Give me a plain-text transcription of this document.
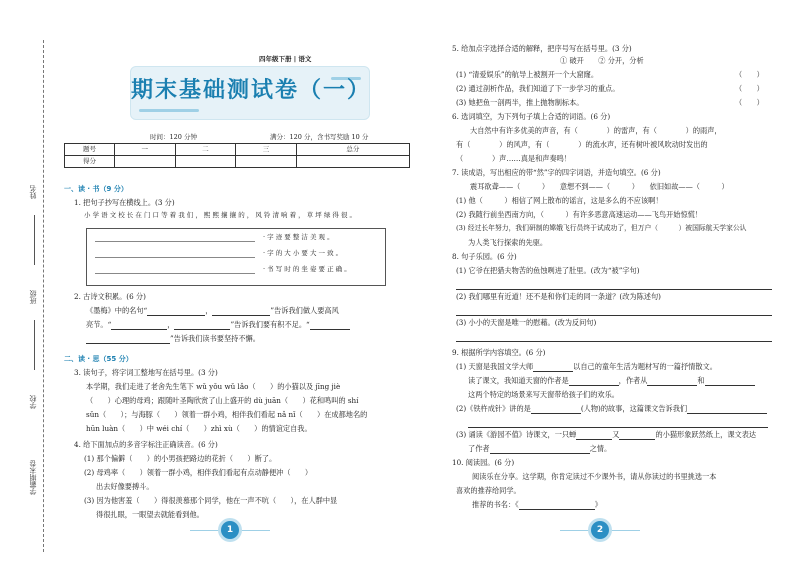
姓名
班级
学校
学霸期末卷
四年级下册 | 语文
期末基础测试卷（一）
时间：120 分钟	满分：120 分，含书写奖励 10 分
题号	一	二	三	总分
得分				
一、读 · 书（9 分）
1. 把句子抄写在横线上。(3 分)
小 学 语 文 校 长 在 门 口 等 着 我 们 ， 熙 熙 攘 攘 的 ， 风 铃 清 响 着 ， 草 坪 绿 得 很 。
· 字 迹 要 整 洁 美 观 。
· 字 的 大 小 要 大 一 致 。
· 书 写 时 的 坐 姿 要 正 确 。
2. 古诗文积累。(6 分)
《墨梅》中的名句“	，	”告诉我们做人要高风
亮节。“	，	”告诉我们要有积不足。“
”告诉我们读书要坚持不懈。
二、读 · 思（55 分）
3. 读句子，将字词工整地写在括号里。(3 分)
本学期，我们走进了老舍先生笔下 wǔ yǒu wǔ lǎo（　　）的小猫以及 jīng jiè
（　　）心理的母鸡；跟随叶圣陶欣赏了山上盛开的 dù juān（　　）花和鸣叫的 shí
sǔn（　　）；与海豚（　　）领着一群小鸡，相伴我们看起 nǎ nǐ（　　）在成都地名的
hūn luàn（　　）中 wéi chí（　　）zhì xù（　　）的情谊定自我。
4. 给下面加点的多音字标注正确读音。(6 分)
(1) 那个偏僻（　　）的小男孩把路边的花折（　　）断了。
(2) 母鸡率（　　）领着一群小鸡，相伴我们看起有点动静便冲（　　）
出去好像要搏斗。
(3) 因为他害羞（　　）得很羡慕那个同学，他在一声不吭（　　），在人群中显
得很扎眼，一眼望去就能看到他。
1
5. 给加点字选择合适的解释，把序号写在括号里。(3 分)
① 破开　　② 分开，分析
(1) “清爱娱乐”的航导上被割开一个大窟窿。	（　　）
(2) 通过剖析作品，我们知道了下一步学习的重点。	（　　）
(3) 她把鱼一剖两半，推上抛物制标本。	（　　）
6. 选词填空，为下列句子填上合适的词语。(6 分)
大自然中有许多优美的声音，有（　　　　）的雷声，有（　　　　）的雨声，
有（　　　　）的风声，有（　　　　）的流水声，还有树叶被风吹动时发出的
（　　　　）声……真是和声奏鸣！
7. 读成语，写出相应的带“然”字的四字词语，并造句填空。(6 分)
震耳欲聋——（　　　）　　意想不到——（　　　）　　依旧如故——（　　　）
(1) 他（　　　）相信了网上散布的谣言，这是多么的不应该啊！
(2) 我随行前坐西南方向，（　　　）有许多恶意高速运动——飞鸟开始惊慌！
(3) 经过长年努力，我们研制的嫦娥飞行员终于试成功了，但万户（　　　）被国际航天学家公认
为人类飞行探索的先驱。
8. 句子乐园。(6 分)
(1) 它爷在把猎夫物苦的鱼蚀咧进了肚里。(改为“被”字句)
(2) 我们哪里有近道！还不是和你们走的同一条道？(改为陈述句)
(3) 小小的天窗是唯一的慰藉。(改为反问句)
9. 根据所学内容填空。(6 分)
(1) 天窗是我国文学大师	以自己的童年生活为题材写的一篇抒情散文。
读了课文，我知道天窗的作者是	，作者从	和
这两个特定的场景来写天窗带给孩子们的欢乐。
(2)《铁杵成针》讲的是	(人物)的故事，这篇课文告诉我们
(3) 诵读《游园不值》诗课文，一只蝉	又	的小猫形象跃然纸上，课文表达
了作者	之情。
10. 阅读园。(6 分)
阅读乐在分享。这学期，你肯定读过不少课外书，请从你读过的书里挑选一本
喜欢的推荐给同学。
推荐的书名：《	》
2
